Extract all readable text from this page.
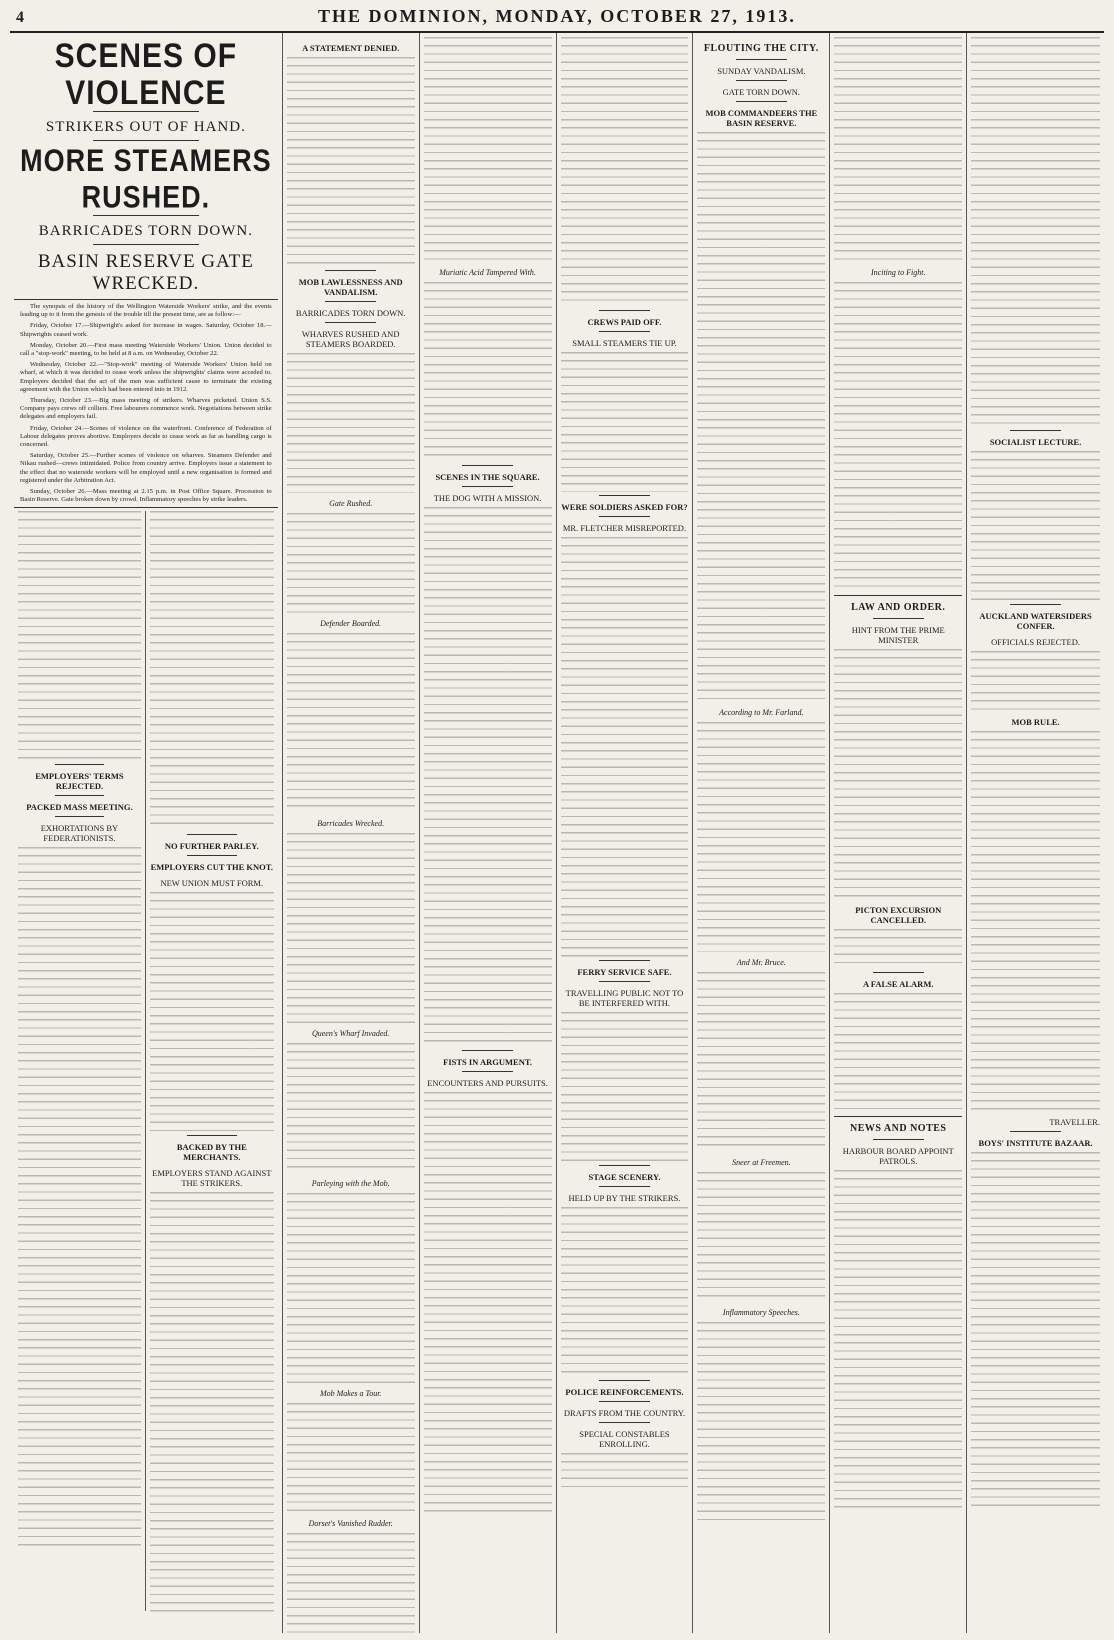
4	THE DOMINION, MONDAY, OCTOBER 27, 1913.
SCENES OF VIOLENCE
STRIKERS OUT OF HAND.
MORE STEAMERS RUSHED.
BARRICADES TORN DOWN.
BASIN RESERVE GATE WRECKED.

The synopsis of the history of the Wellington Waterside Workers' strike, and the events leading up to it from the genesis of the trouble till the present time, are as follow:—

Friday, October 17.—Shipwright's asked for increase in wages. Saturday, October 18.—Shipwrights ceased work.

Monday, October 20.—First mass meeting Waterside Workers' Union. Union decided to call a "stop-work" meeting, to be held at 8 a.m. on Wednesday, October 22.

Wednesday, October 22.—"Stop-work" meeting of Waterside Workers' Union held on wharf, at which it was decided to cease work unless the shipwrights' claims were acceded to. Employers decided that the act of the men was sufficient cause to terminate the existing agreement with the Union which had been entered into in 1912.

Thursday, October 23.—Big mass meeting of strikers. Wharves picketed. Union S.S. Company pays crews off colliers. Free labourers commence work. Negotiations between strike delegates and employers fail.

Friday, October 24.—Scenes of violence on the waterfront. Conference of Federation of Labour delegates proves abortive. Employers decide to cease work as far as handling cargo is concerned.

Saturday, October 25.—Further scenes of violence on wharves. Steamers Defender and Nikau rushed—crews intimidated. Police from country arrive. Employers issue a statement to the effect that no waterside workers will be employed until a new organisation is formed and registered under the Arbitration Act.

Sunday, October 26.—Mass meeting at 2.15 p.m. in Post Office Square. Procession to Basin Reserve. Gate broken down by crowd. Inflammatory speeches by strike leaders.

EMPLOYERS' TERMS REJECTED.
PACKED MASS MEETING.
EXHORTATIONS BY FEDERATIONISTS.
NO FURTHER PARLEY.
EMPLOYERS CUT THE KNOT.
NEW UNION MUST FORM.
BACKED BY THE MERCHANTS.
EMPLOYERS STAND AGAINST THE STRIKERS.
A STATEMENT DENIED.
MOB LAWLESSNESS AND VANDALISM.
BARRICADES TORN DOWN.
WHARVES RUSHED AND STEAMERS BOARDED.
Gate Rushed.
Defender Boarded.
Barricades Wrecked.
Queen's Wharf Invaded.
Parleying with the Mob.
Mob Makes a Tour.
Dorset's Vanished Rudder.
Muriatic Acid Tampered With.
SCENES IN THE SQUARE.
THE DOG WITH A MISSION.
FISTS IN ARGUMENT.
ENCOUNTERS AND PURSUITS.
CREWS PAID OFF.
SMALL STEAMERS TIE UP.
WERE SOLDIERS ASKED FOR?
MR. FLETCHER MISREPORTED.
FERRY SERVICE SAFE.
TRAVELLING PUBLIC NOT TO BE INTERFERED WITH.
STAGE SCENERY.
HELD UP BY THE STRIKERS.
POLICE REINFORCEMENTS.
DRAFTS FROM THE COUNTRY.
SPECIAL CONSTABLES ENROLLING.
FLOUTING THE CITY.
SUNDAY VANDALISM.
GATE TORN DOWN.
MOB COMMANDEERS THE BASIN RESERVE.
According to Mr. Farland.
And Mr. Bruce.
Sneer at Freemen.
Inflammatory Speeches.
Inciting to Fight.
LAW AND ORDER.
HINT FROM THE PRIME MINISTER
PICTON EXCURSION CANCELLED.
A FALSE ALARM.
NEWS AND NOTES
HARBOUR BOARD APPOINT PATROLS.
SOCIALIST LECTURE.
AUCKLAND WATERSIDERS CONFER.
OFFICIALS REJECTED.
MOB RULE.
TRAVELLER.
BOYS' INSTITUTE BAZAAR.
